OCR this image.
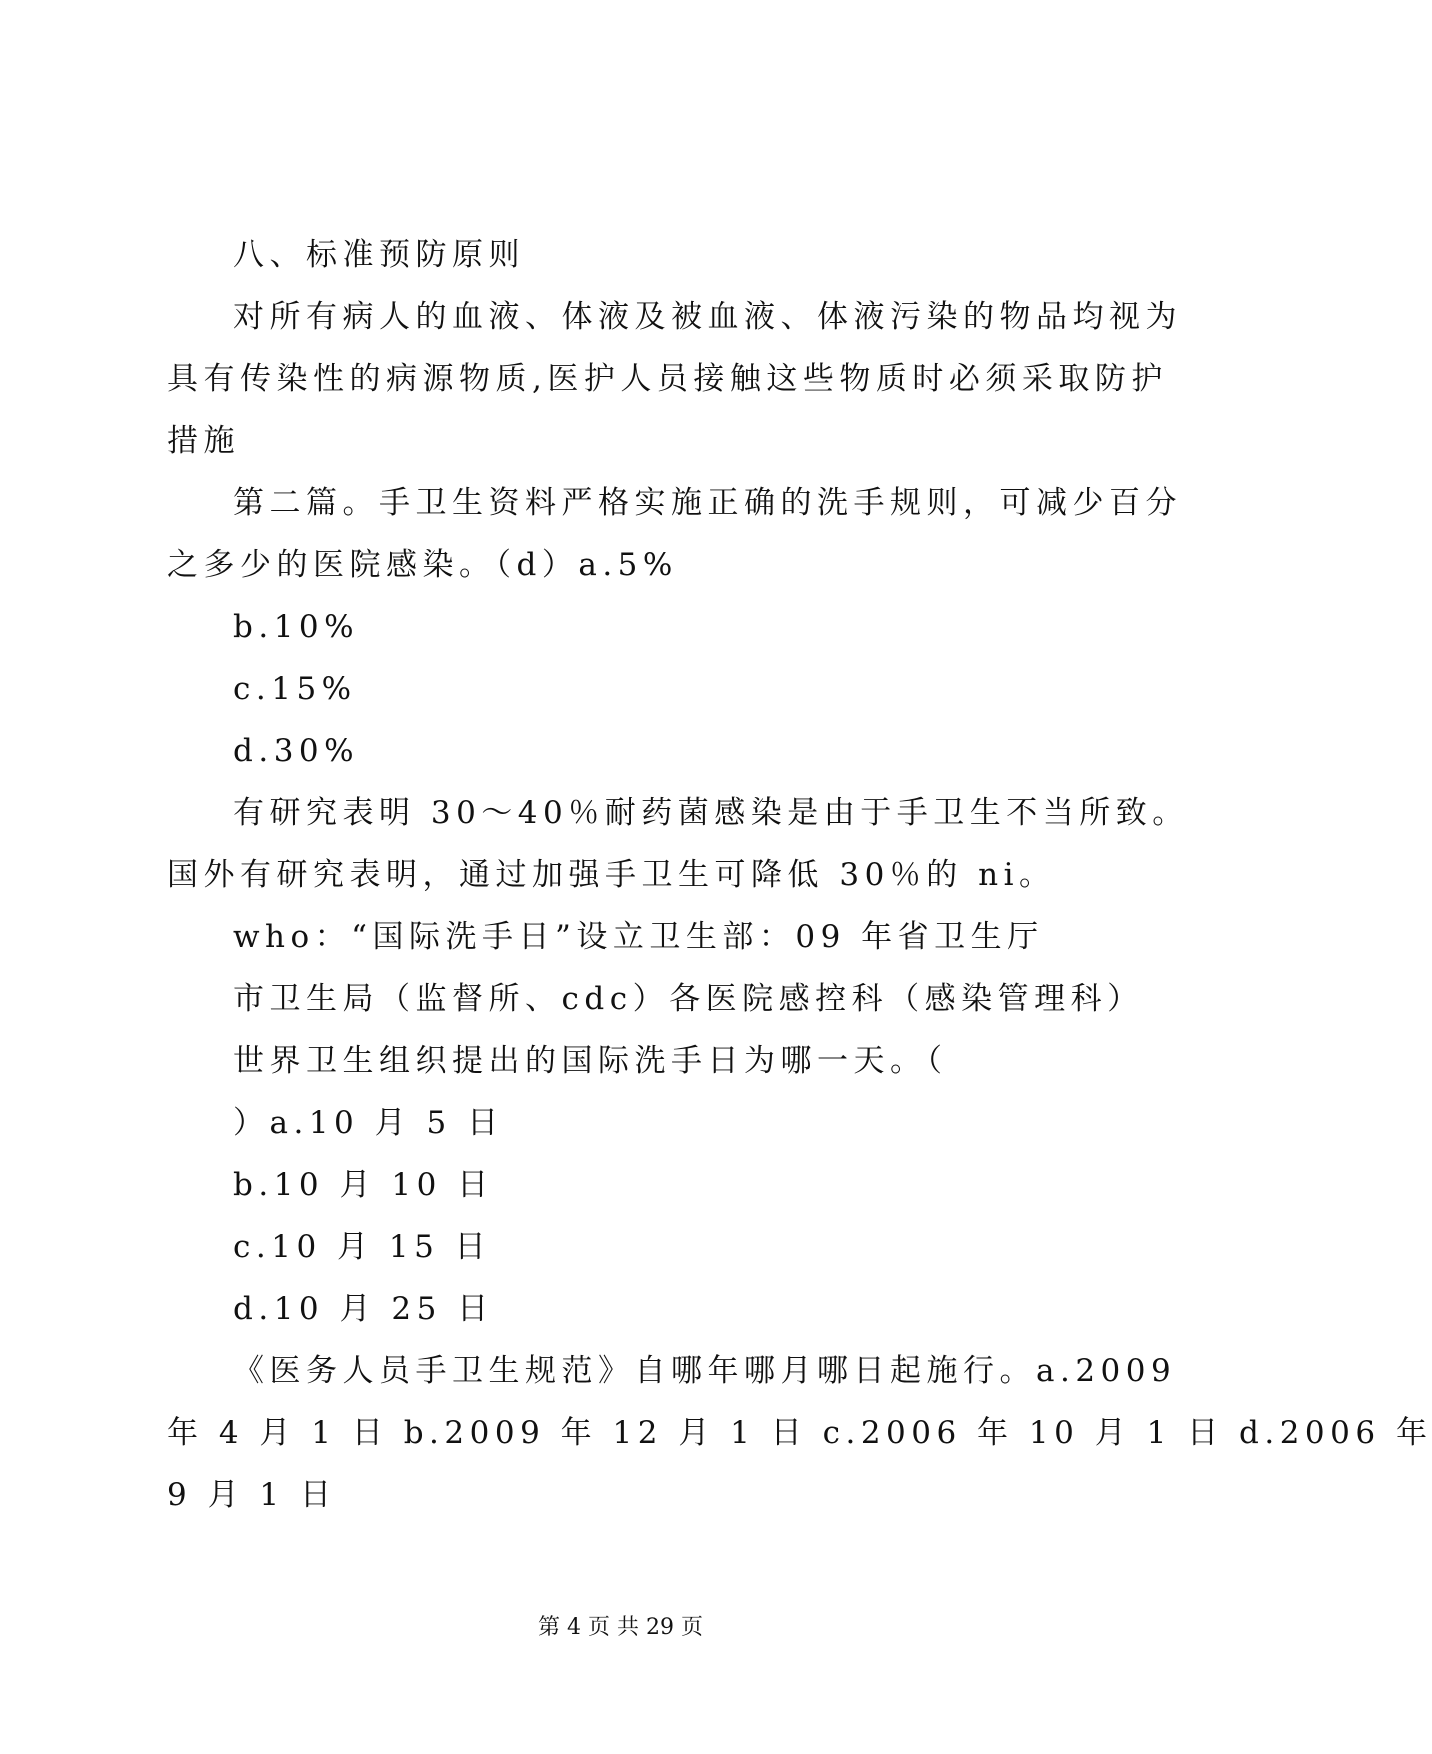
八、标准预防原则
对所有病人的血液、体液及被血液、体液污染的物品均视为
具有传染性的病源物质,医护人员接触这些物质时必须采取防护
措施
第二篇。手卫生资料严格实施正确的洗手规则，可减少百分
之多少的医院感染。（d）a.5%
b.10%
c.15%
d.30%
有研究表明 30～40％耐药菌感染是由于手卫生不当所致。
国外有研究表明，通过加强手卫生可降低 30％的 ni。
who：“国际洗手日”设立卫生部：09 年省卫生厅
市卫生局（监督所、cdc）各医院感控科（感染管理科）
世界卫生组织提出的国际洗手日为哪一天。（
）a.10 月 5 日
b.10 月 10 日
c.10 月 15 日
d.10 月 25 日
《医务人员手卫生规范》自哪年哪月哪日起施行。a.2009
年 4 月 1 日 b.2009 年 12 月 1 日 c.2006 年 10 月 1 日 d.2006 年
9 月 1 日
第 4 页 共 29 页
